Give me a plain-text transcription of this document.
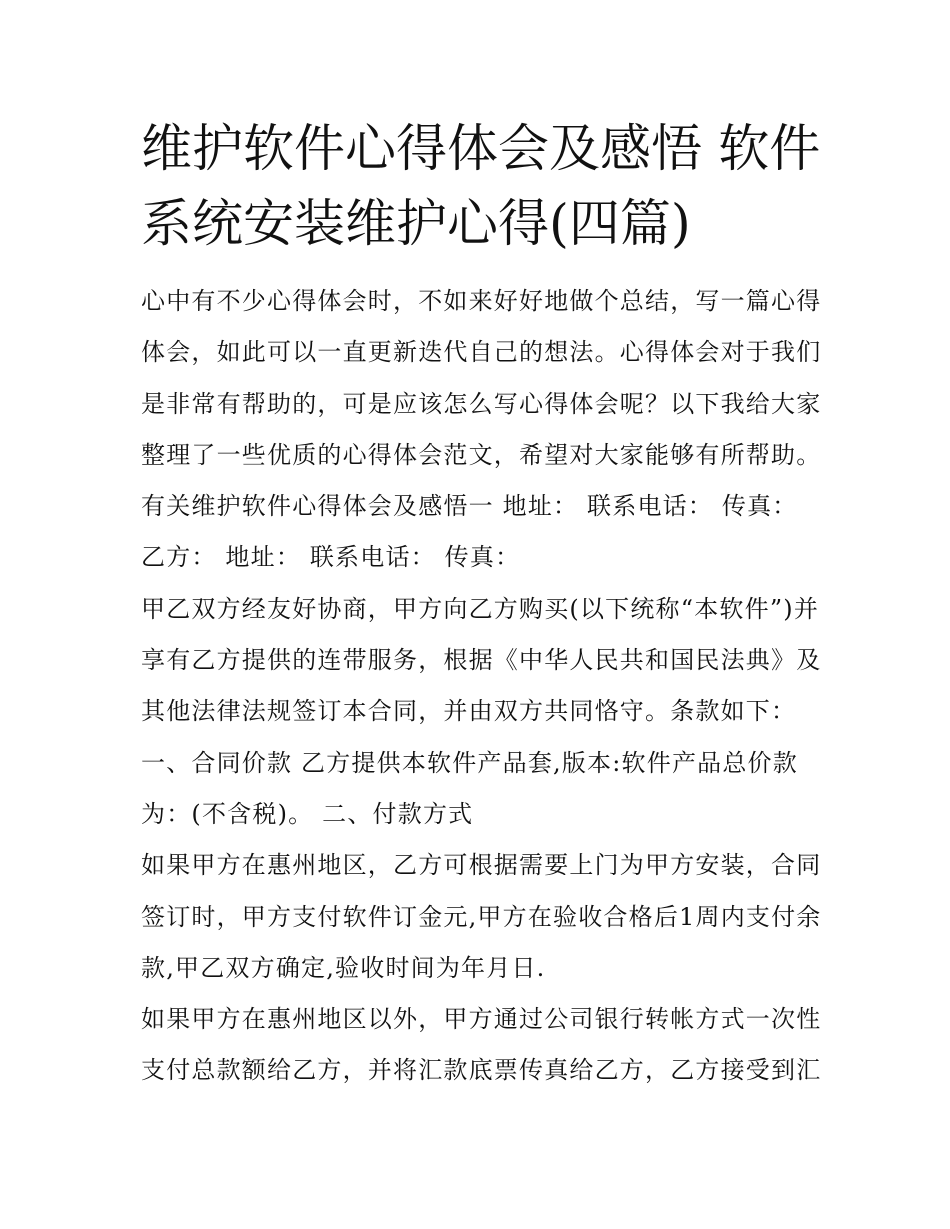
维护软件心得体会及感悟 软件
系统安装维护心得(四篇)
心中有不少心得体会时，不如来好好地做个总结，写一篇心得
体会，如此可以一直更新迭代自己的想法。心得体会对于我们
是非常有帮助的，可是应该怎么写心得体会呢？以下我给大家
整理了一些优质的心得体会范文，希望对大家能够有所帮助。
有关维护软件心得体会及感悟一 地址： 联系电话： 传真：
乙方： 地址： 联系电话： 传真：
甲乙双方经友好协商，甲方向乙方购买(以下统称“本软件”)并
享有乙方提供的连带服务，根据《中华人民共和国民法典》及
其他法律法规签订本合同，并由双方共同恪守。条款如下：
一、合同价款 乙方提供本软件产品套,版本:软件产品总价款
为：(不含税)。 二、付款方式
如果甲方在惠州地区，乙方可根据需要上门为甲方安装，合同
签订时，甲方支付软件订金元,甲方在验收合格后1周内支付余
款,甲乙双方确定,验收时间为年月日.
如果甲方在惠州地区以外，甲方通过公司银行转帐方式一次性
支付总款额给乙方，并将汇款底票传真给乙方，乙方接受到汇
